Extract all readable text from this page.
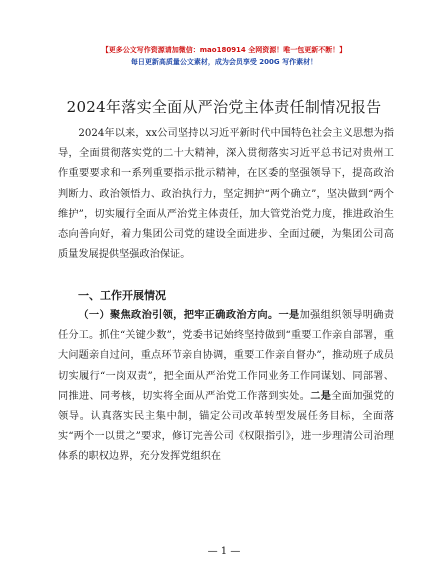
【更多公文写作资源请加微信：mao180914 全网资源！唯一包更新不断！】
每日更新高质量公文素材，成为会员享受 200G 写作素材！
2024年落实全面从严治党主体责任制情况报告

2024年以来，xx公司坚持以习近平新时代中国特色社会主义思想为指导，全面贯彻落实党的二十大精神，深入贯彻落实习近平总书记对贵州工作重要要求和一系列重要指示批示精神，在区委的坚强领导下，提高政治判断力、政治领悟力、政治执行力，坚定拥护“两个确立”，坚决做到“两个维护”，切实履行全面从严治党主体责任，加大管党治党力度，推进政治生态向善向好，着力集团公司党的建设全面进步、全面过硬，为集团公司高质量发展提供坚强政治保证。

一、工作开展情况

（一）聚焦政治引领，把牢正确政治方向。一是加强组织领导明确责任分工。抓住“关键少数”，党委书记始终坚持做到“重要工作亲自部署，重大问题亲自过问，重点环节亲自协调，重要工作亲自督办”，推动班子成员切实履行“一岗双责”，把全面从严治党工作同业务工作同谋划、同部署、同推进、同考核，切实将全面从严治党工作落到实处。二是全面加强党的领导。认真落实民主集中制，锚定公司改革转型发展任务目标，全面落实“两个一以贯之”要求，修订完善公司《权限指引》，进一步理清公司治理体系的职权边界，充分发挥党组织在

— 1 —
